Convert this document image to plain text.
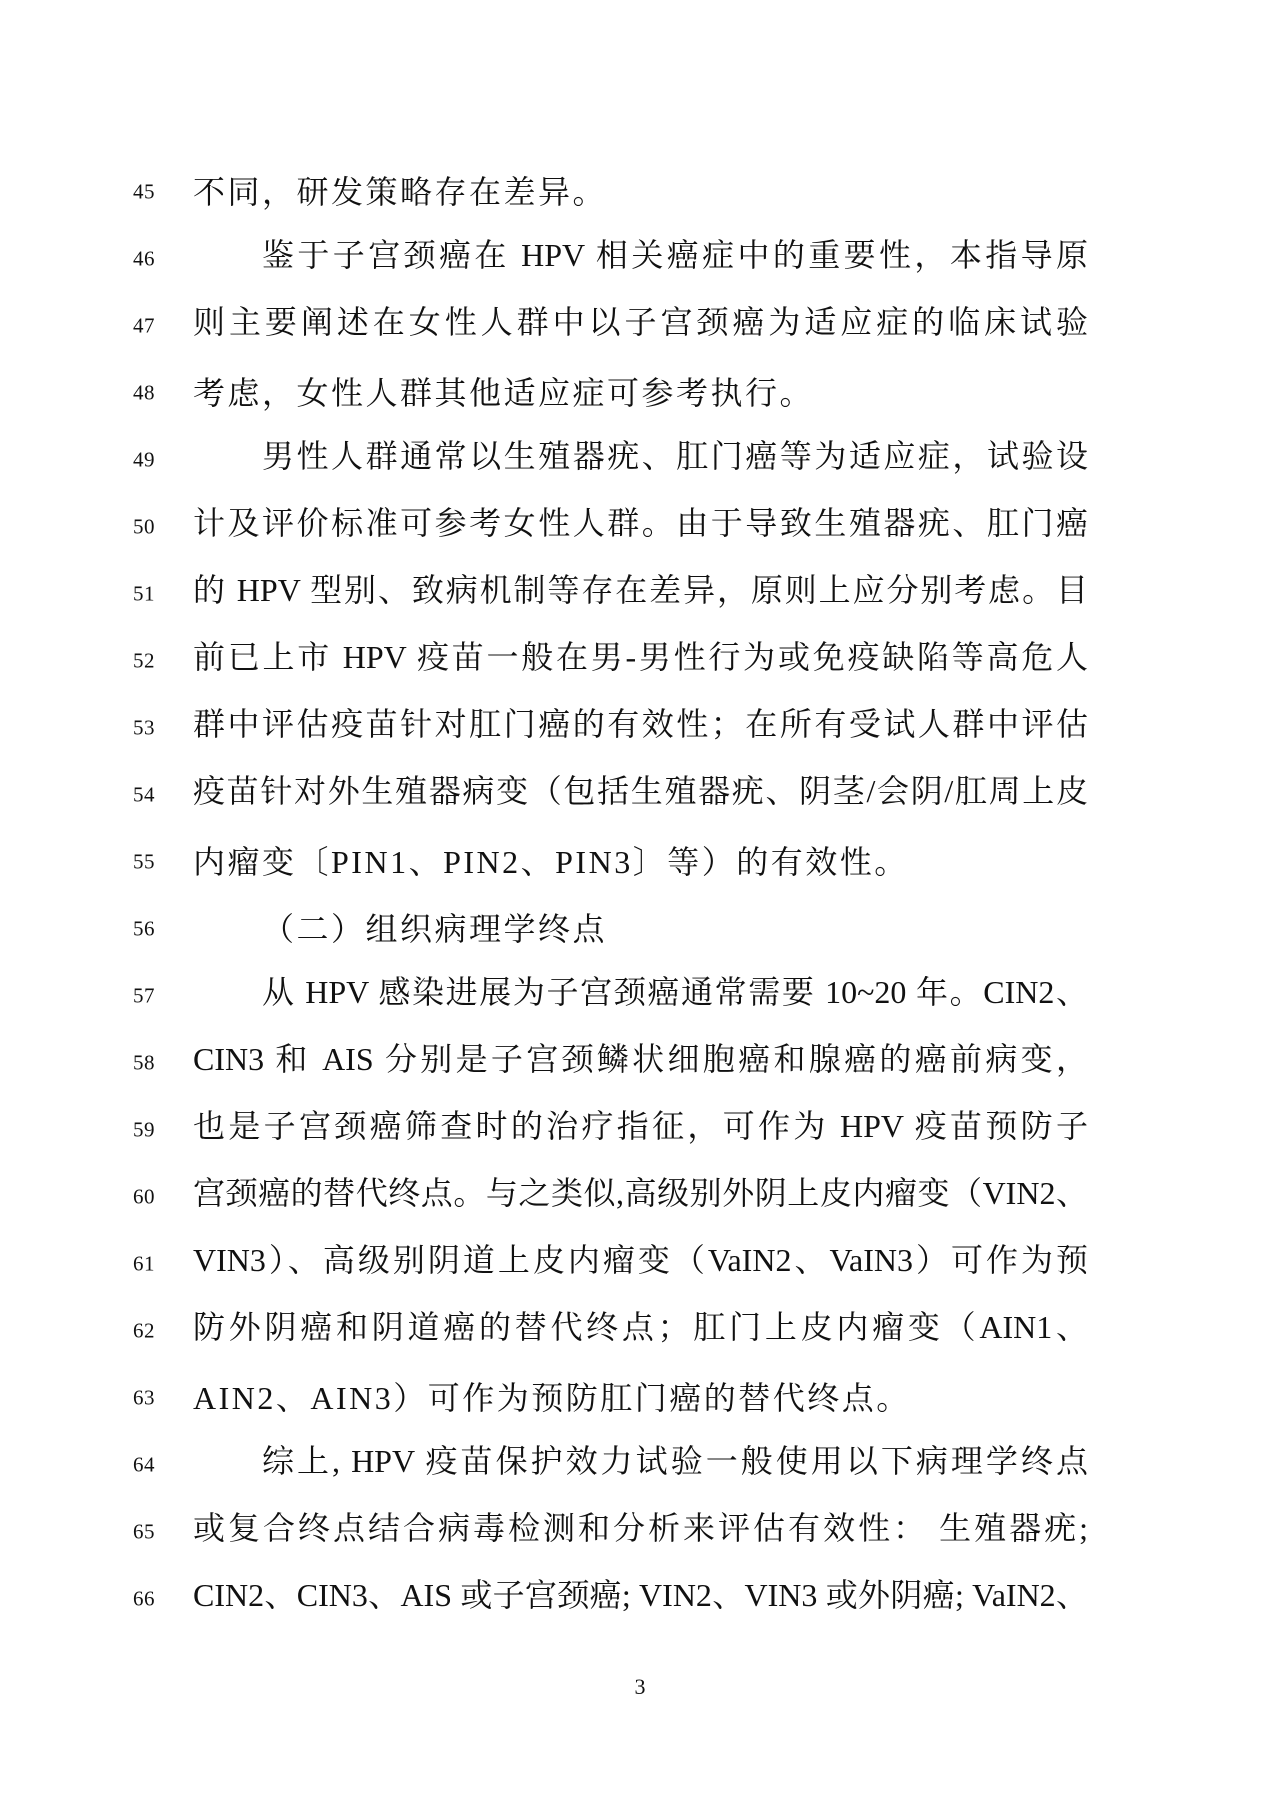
45 不同，研发策略存在差异。
46	鉴于子宫颈癌在 HPV 相关癌症中的重要性，本指导原
47 则主要阐述在女性人群中以子宫颈癌为适应症的临床试验
48 考虑，女性人群其他适应症可参考执行。
49	男性人群通常以生殖器疣、肛门癌等为适应症，试验设
50 计及评价标准可参考女性人群。由于导致生殖器疣、肛门癌
51 的 HPV 型别、致病机制等存在差异，原则上应分别考虑。目
52 前已上市 HPV 疫苗一般在男-男性行为或免疫缺陷等高危人
53 群中评估疫苗针对肛门癌的有效性；在所有受试人群中评估
54 疫苗针对外生殖器病变（包括生殖器疣、阴茎/会阴/肛周上皮
55 内瘤变〔PIN1、PIN2、PIN3〕等）的有效性。
56	（二）组织病理学终点
57	从 HPV 感染进展为子宫颈癌通常需要 10~20 年。CIN2、
58 CIN3 和 AIS 分别是子宫颈鳞状细胞癌和腺癌的癌前病变，
59 也是子宫颈癌筛查时的治疗指征，可作为 HPV 疫苗预防子
60 宫颈癌的替代终点。与之类似,高级别外阴上皮内瘤变（VIN2、
61 VIN3）、高级别阴道上皮内瘤变（VaIN2、VaIN3）可作为预
62 防外阴癌和阴道癌的替代终点；肛门上皮内瘤变（AIN1、
63 AIN2、AIN3）可作为预防肛门癌的替代终点。
64	综上, HPV 疫苗保护效力试验一般使用以下病理学终点
65 或复合终点结合病毒检测和分析来评估有效性： 生殖器疣;
66 CIN2、CIN3、AIS 或子宫颈癌; VIN2、VIN3 或外阴癌; VaIN2、
3
